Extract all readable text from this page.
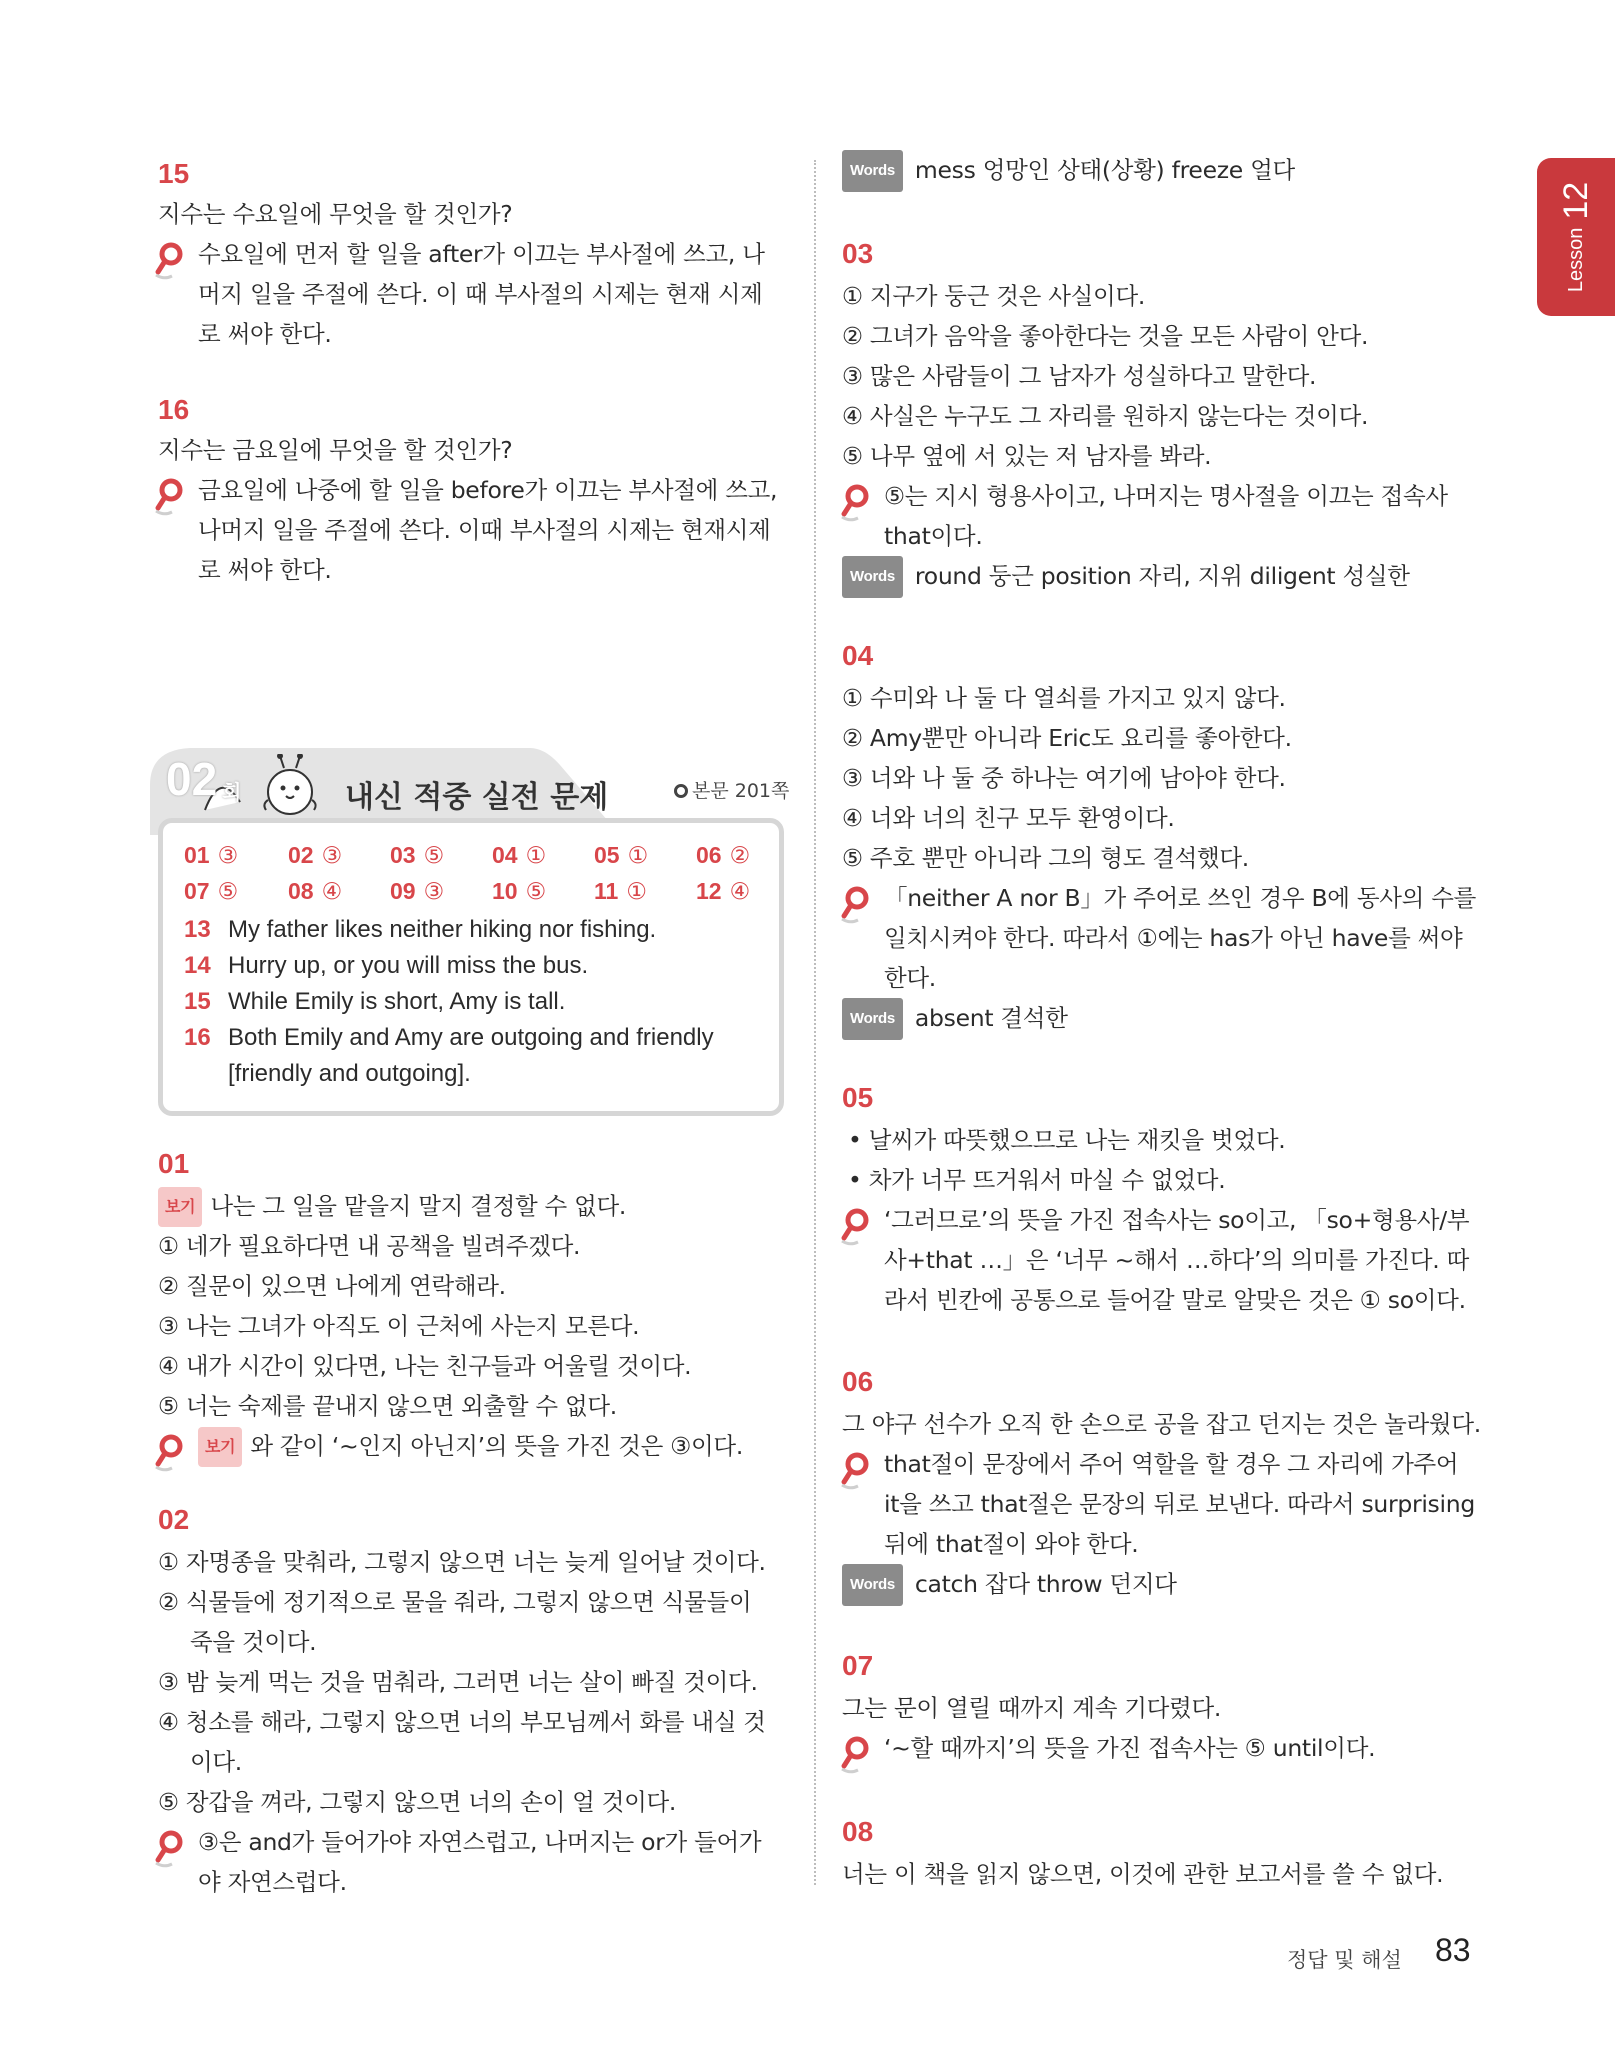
Lesson
12
15
지수는 수요일에 무엇을 할 것인가?
수요일에 먼저 할 일을 after가 이끄는 부사절에 쓰고, 나
머지 일을 주절에 쓴다. 이 때 부사절의 시제는 현재 시제
로 써야 한다.
16
지수는 금요일에 무엇을 할 것인가?
금요일에 나중에 할 일을 before가 이끄는 부사절에 쓰고,
나머지 일을 주절에 쓴다. 이때 부사절의 시제는 현재시제
로 써야 한다.
02 회	내신 적중 실전 문제	본문 201쪽
01 ③ 02 ③ 03 ⑤ 04 ① 05 ① 06 ②
07 ⑤ 08 ④ 09 ③ 10 ⑤ 11 ① 12 ④
13 My father likes neither hiking nor fishing.
14 Hurry up, or you will miss the bus.
15 While Emily is short, Amy is tall.
16 Both Emily and Amy are outgoing and friendly
[friendly and outgoing].
01
보기 나는 그 일을 맡을지 말지 결정할 수 없다.
① 네가 필요하다면 내 공책을 빌려주겠다.
② 질문이 있으면 나에게 연락해라.
③ 나는 그녀가 아직도 이 근처에 사는지 모른다.
④ 내가 시간이 있다면, 나는 친구들과 어울릴 것이다.
⑤ 너는 숙제를 끝내지 않으면 외출할 수 없다.
보기 와 같이 ‘~인지 아닌지’의 뜻을 가진 것은 ③이다.
02
① 자명종을 맞춰라, 그렇지 않으면 너는 늦게 일어날 것이다.
② 식물들에 정기적으로 물을 줘라, 그렇지 않으면 식물들이
죽을 것이다.
③ 밤 늦게 먹는 것을 멈춰라, 그러면 너는 살이 빠질 것이다.
④ 청소를 해라, 그렇지 않으면 너의 부모님께서 화를 내실 것
이다.
⑤ 장갑을 껴라, 그렇지 않으면 너의 손이 얼 것이다.
③은 and가 들어가야 자연스럽고, 나머지는 or가 들어가
야 자연스럽다.
Words mess 엉망인 상태(상황) freeze 얼다
03
① 지구가 둥근 것은 사실이다.
② 그녀가 음악을 좋아한다는 것을 모든 사람이 안다.
③ 많은 사람들이 그 남자가 성실하다고 말한다.
④ 사실은 누구도 그 자리를 원하지 않는다는 것이다.
⑤ 나무 옆에 서 있는 저 남자를 봐라.
⑤는 지시 형용사이고, 나머지는 명사절을 이끄는 접속사
that이다.
Words round 둥근 position 자리, 지위 diligent 성실한
04
① 수미와 나 둘 다 열쇠를 가지고 있지 않다.
② Amy뿐만 아니라 Eric도 요리를 좋아한다.
③ 너와 나 둘 중 하나는 여기에 남아야 한다.
④ 너와 너의 친구 모두 환영이다.
⑤ 주호 뿐만 아니라 그의 형도 결석했다.
「neither A nor B」가 주어로 쓰인 경우 B에 동사의 수를
일치시켜야 한다. 따라서 ①에는 has가 아닌 have를 써야
한다.
Words absent 결석한
05
• 날씨가 따뜻했으므로 나는 재킷을 벗었다.
• 차가 너무 뜨거워서 마실 수 없었다.
‘그러므로’의 뜻을 가진 접속사는 so이고, 「so+형용사/부
사+that …」은 ‘너무 ~해서 …하다’의 의미를 가진다. 따
라서 빈칸에 공통으로 들어갈 말로 알맞은 것은 ① so이다.
06
그 야구 선수가 오직 한 손으로 공을 잡고 던지는 것은 놀라웠다.
that절이 문장에서 주어 역할을 할 경우 그 자리에 가주어
it을 쓰고 that절은 문장의 뒤로 보낸다. 따라서 surprising
뒤에 that절이 와야 한다.
Words catch 잡다 throw 던지다
07
그는 문이 열릴 때까지 계속 기다렸다.
‘~할 때까지’의 뜻을 가진 접속사는 ⑤ until이다.
08
너는 이 책을 읽지 않으면, 이것에 관한 보고서를 쓸 수 없다.
정답 및 해설 83
